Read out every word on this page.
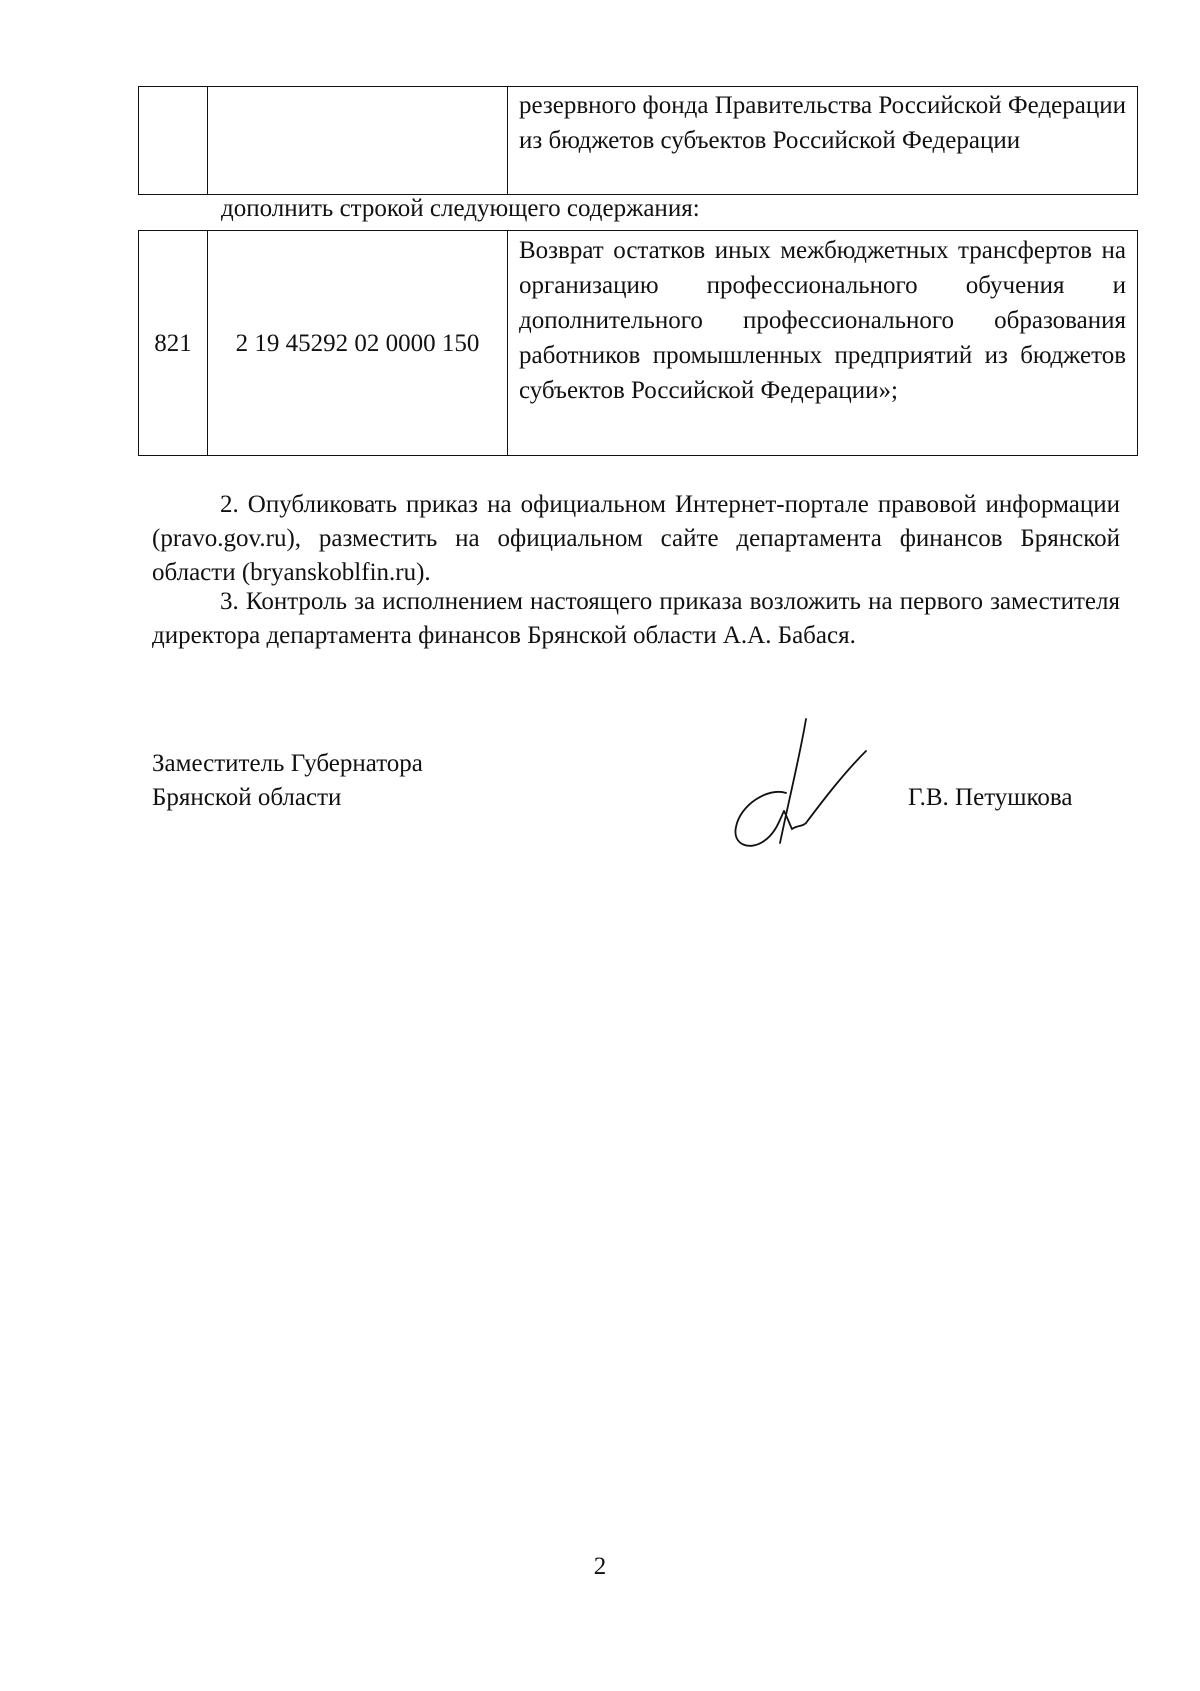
		резервного фонда Правительства Российской Федерации из бюджетов субъектов Российской Федерации
дополнить строкой следующего содержания:
821	2 19 45292 02 0000 150	Возврат остатков иных межбюджетных трансфертов на организацию профессионального обучения и дополнительного профессионального образования работников промышленных предприятий из бюджетов субъектов Российской Федерации»;
2. Опубликовать приказ на официальном Интернет-портале правовой информации (pravo.gov.ru), разместить на официальном сайте департамента финансов Брянской области (bryanskoblfin.ru).
3. Контроль за исполнением настоящего приказа возложить на первого заместителя директора департамента финансов Брянской области А.А. Бабася.
Заместитель Губернатора
Брянской области	Г.В. Петушкова
2
